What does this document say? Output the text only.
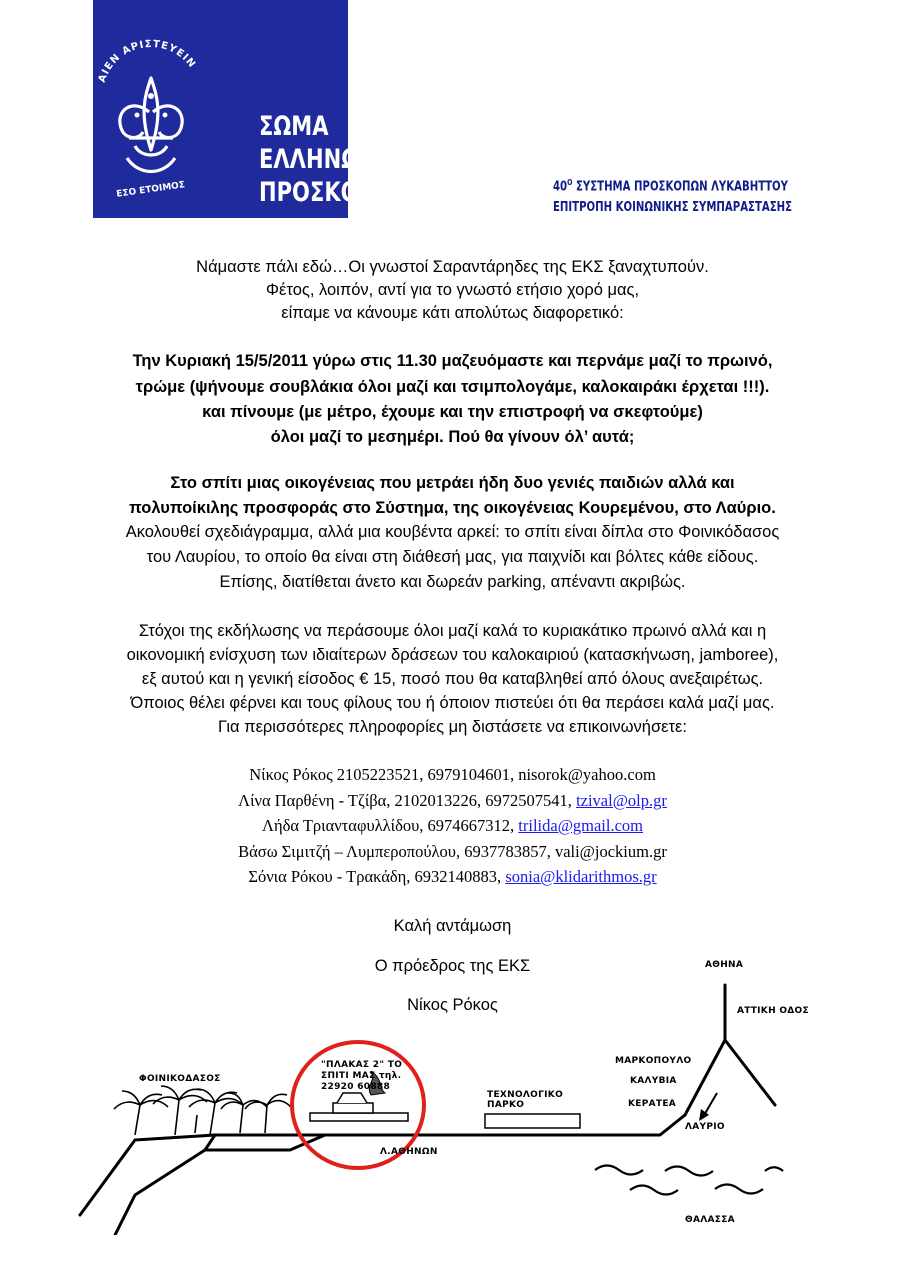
ΑΙΕΝ ΑΡΙΣΤΕΥΕΙΝ
ΕΣΟ ΕΤΟΙΜΟΣ
ΣΩΜΑ
ΕΛΛΗΝΩΝ
ΠΡΟΣΚΟΠΩΝ	$40^O$ ΣΥΣΤΗΜΑ ΠΡΟΣΚΟΠΩΝ ΛΥΚΑΒΗΤΤΟΥ
ΕΠΙΤΡΟΠΗ ΚΟΙΝΩΝΙΚΗΣ ΣΥΜΠΑΡΑΣΤΑΣΗΣ
Νάμαστε πάλι εδώ…Οι γνωστοί Σαραντάρηδες της ΕΚΣ ξαναχτυπούν.
Φέτος, λοιπόν, αντί για το γνωστό ετήσιο χορό μας,
είπαμε να κάνουμε κάτι απολύτως διαφορετικό:
Την Κυριακή 15/5/2011 γύρω στις 11.30 μαζευόμαστε και περνάμε μαζί το πρωινό,
τρώμε (ψήνουμε σουβλάκια όλοι μαζί και τσιμπολογάμε, καλοκαιράκι έρχεται !!!).
και πίνουμε (με μέτρο, έχουμε και την επιστροφή να σκεφτούμε)
όλοι μαζί το μεσημέρι. Πού θα γίνουν όλ’ αυτά;
Στο σπίτι μιας οικογένειας που μετράει ήδη δυο γενιές παιδιών αλλά και
πολυποίκιλης προσφοράς στο Σύστημα, της οικογένειας Κουρεμένου, στο Λαύριο.
Ακολουθεί σχεδιάγραμμα, αλλά μια κουβέντα αρκεί: το σπίτι είναι δίπλα στο Φοινικόδασος
του Λαυρίου, το οποίο θα είναι στη διάθεσή μας, για παιχνίδι και βόλτες κάθε είδους.
Επίσης, διατίθεται άνετο και δωρεάν parking, απέναντι ακριβώς.
Στόχοι της εκδήλωσης να περάσουμε όλοι μαζί καλά το κυριακάτικο πρωινό αλλά και η
οικονομική ενίσχυση των ιδιαίτερων δράσεων του καλοκαιριού (κατασκήνωση, jamboree),
εξ αυτού και η γενική είσοδος € 15, ποσό που θα καταβληθεί από όλους ανεξαιρέτως.
Όποιος θέλει φέρνει και τους φίλους του ή όποιον πιστεύει ότι θα περάσει καλά μαζί μας.
Για περισσότερες πληροφορίες μη διστάσετε να επικοινωνήσετε:
Νίκος Ρόκος 2105223521, 6979104601, nisorok@yahoo.com
Λίνα Παρθένη - Τζίβα, 2102013226, 6972507541, tzival@olp.gr
Λήδα Τριανταφυλλίδου, 6974667312, trilida@gmail.com
Βάσω Σιμιτζή – Λυμπεροπούλου, 6937783857, vali@jockium.gr
Σόνια Ρόκου - Τρακάδη, 6932140883, sonia@klidarithmos.gr
Καλή αντάμωση
Ο πρόεδρος της ΕΚΣ
Νίκος Ρόκος
ΑΘΗΝΑ
ΑΤΤΙΚΗ ΟΔΟΣ
ΜΑΡΚΟΠΟΥΛΟ
ΚΑΛΥΒΙΑ
ΚΕΡΑΤΕΑ
ΛΑΥΡΙΟ
ΦΟΙΝΙΚΟΔΑΣΟΣ
"ΠΛΑΚΑΣ 2" ΤΟ
ΣΠΙΤΙ ΜΑΣ τηλ.
22920 60888
ΤΕΧΝΟΛΟΓΙΚΟ
ΠΑΡΚΟ
Λ.ΑΘΗΝΩΝ
ΘΑΛΑΣΣΑ
